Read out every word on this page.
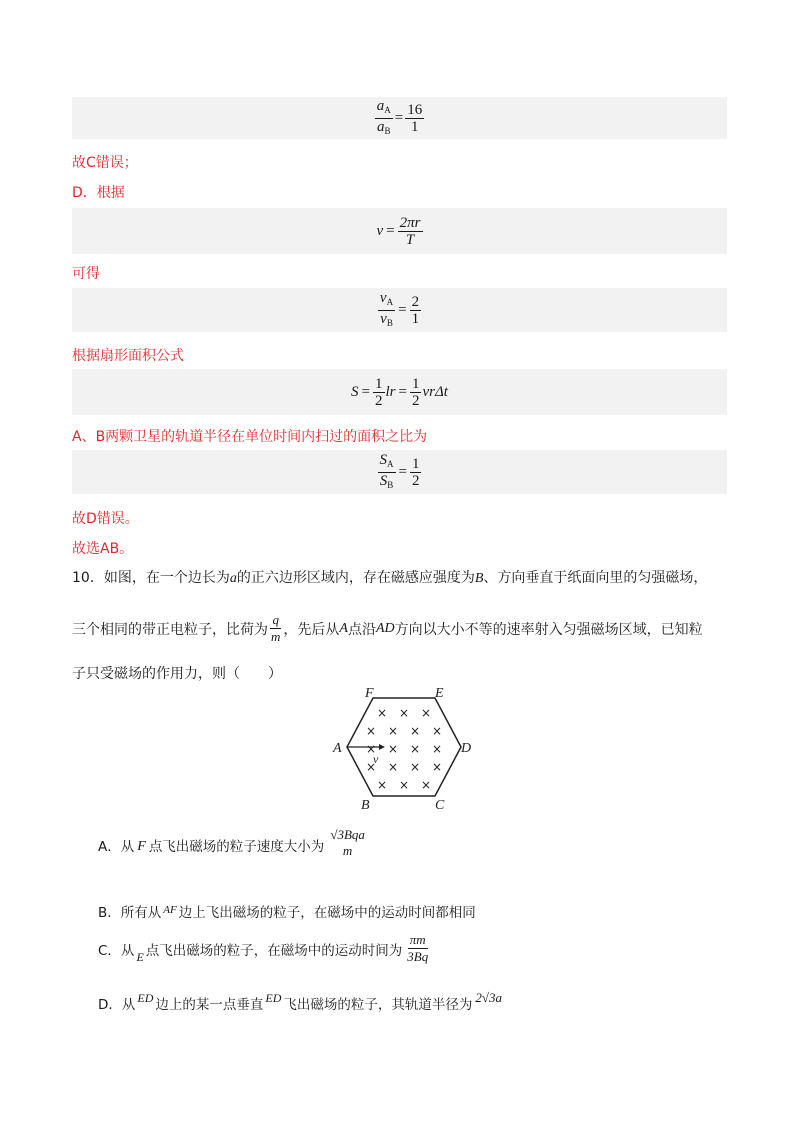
$\frac{a_A}{a_B} = \frac{16}{1}$
故C错误；
D．根据
$v = \frac{2\pi r}{T}$
可得
$\frac{v_A}{v_B} = \frac{2}{1}$
根据扇形面积公式
$S = \frac{1}{2}$ lr = $\frac{1}{2}$ vrΔt
A、B两颗卫星的轨道半径在单位时间内扫过的面积之比为
$\frac{S_A}{S_B} = \frac{1}{2}$
故D错误。
故选AB。
10．如图，在一个边长为a的正六边形区域内，存在磁感应强度为B、方向垂直于纸面向里的匀强磁场，
三个相同的带正电粒子，比荷为 $\frac{q}{m}$ ，先后从 A 点沿 AD 方向以大小不等的速率射入匀强磁场区域，已知粒
子只受磁场的作用力，则（　　）
× × ×
× × × ×
× × × ×
× × × ×
× × ×
v
F	E
A	D
B	C
A．从 F 点飞出磁场的粒子速度大小为
√3Bqa
m
B．所有从 $^{AF}$ 边上飞出磁场的粒子，在磁场中的运动时间都相同
C．从 E 点飞出磁场的粒子，在磁场中的运动时间为 $\frac{\pi m}{3Bq}$
D．从 ED 边上的某一点垂直 ED 飞出磁场的粒子，其轨道半径为 2√3a
